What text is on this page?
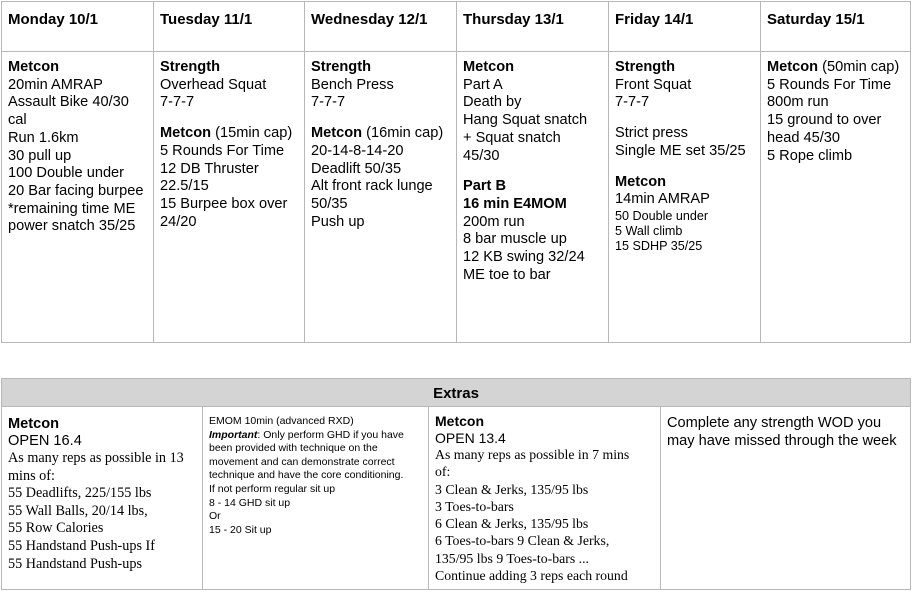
Monday 10/1
Metcon
20min AMRAP
Assault Bike 40/30
cal
Run 1.6km
30 pull up
100 Double under
20 Bar facing burpee
*remaining time ME
power snatch 35/25
Tuesday 11/1
Strength
Overhead Squat
7-7-7
Metcon (15min cap)
5 Rounds For Time
12 DB Thruster
22.5/15
15 Burpee box over
24/20
Wednesday 12/1
Strength
Bench Press
7-7-7
Metcon (16min cap)
20-14-8-14-20
Deadlift 50/35
Alt front rack lunge
50/35
Push up
Thursday 13/1
Metcon
Part A
Death by
Hang Squat snatch
+ Squat snatch
45/30
Part B
16 min E4MOM
200m run
8 bar muscle up
12 KB swing 32/24
ME toe to bar
Friday 14/1
Strength
Front Squat
7-7-7
Strict press
Single ME set 35/25
Metcon
14min AMRAP
50 Double under
5 Wall climb
15 SDHP 35/25
Saturday 15/1
Metcon (50min cap)
5 Rounds For Time
800m run
15 ground to over
head 45/30
5 Rope climb
Extras
Metcon
OPEN 16.4
As many reps as possible in 13
mins of:
55 Deadlifts, 225/155 lbs
55 Wall Balls, 20/14 lbs,
55 Row Calories
55 Handstand Push-ups If
55 Handstand Push-ups
EMOM 10min (advanced RXD)
Important: Only perform GHD if you have
been provided with technique on the
movement and can demonstrate correct
technique and have the core conditioning.
If not perform regular sit up
8 - 14 GHD sit up
Or
15 - 20 Sit up
Metcon
OPEN 13.4
As many reps as possible in 7 mins
of:
3 Clean & Jerks, 135/95 lbs
3 Toes-to-bars
6 Clean & Jerks, 135/95 lbs
6 Toes-to-bars 9 Clean & Jerks,
135/95 lbs 9 Toes-to-bars ...
Continue adding 3 reps each round
Complete any strength WOD you
may have missed through the week
